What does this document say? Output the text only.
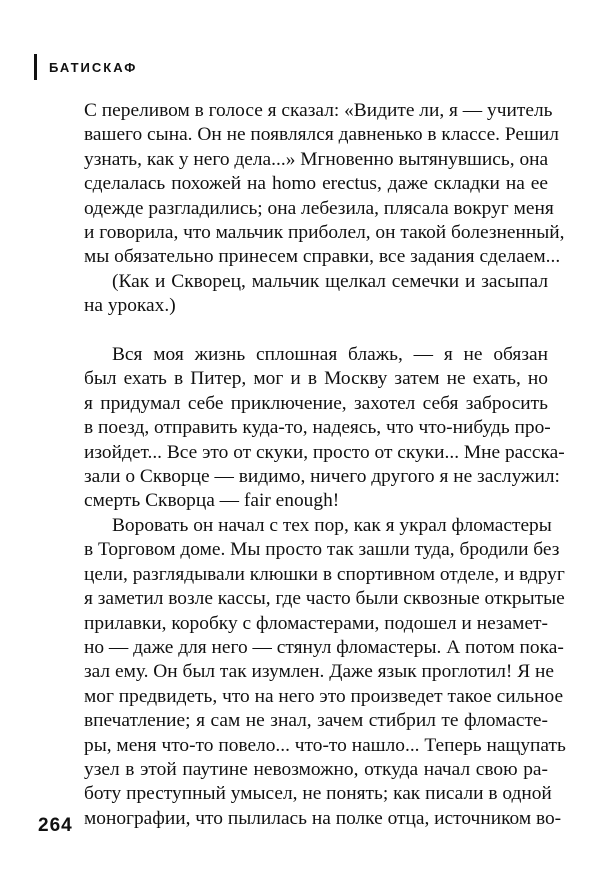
БАТИСКАФ
С переливом в голосе я сказал: «Видите ли, я — учитель
вашего сына. Он не появлялся давненько в классе. Решил
узнать, как у него дела...» Мгновенно вытянувшись, она
сделалась похожей на homo erectus, даже складки на ее
одежде разгладились; она лебезила, плясала вокруг меня
и говорила, что мальчик приболел, он такой болезненный,
мы обязательно принесем справки, все задания сделаем...
(Как и Скворец, мальчик щелкал семечки и засыпал
на уроках.)
Вся моя жизнь сплошная блажь, — я не обязан
был ехать в Питер, мог и в Москву затем не ехать, но
я придумал себе приключение, захотел себя забросить
в поезд, отправить куда-то, надеясь, что что-нибудь про-
изойдет... Все это от скуки, просто от скуки... Мне расска-
зали о Скворце — видимо, ничего другого я не заслужил:
смерть Скворца — fair enough!
Воровать он начал с тех пор, как я украл фломастеры
в Торговом доме. Мы просто так зашли туда, бродили без
цели, разглядывали клюшки в спортивном отделе, и вдруг
я заметил возле кассы, где часто были сквозные открытые
прилавки, коробку с фломастерами, подошел и незамет-
но — даже для него — стянул фломастеры. А потом пока-
зал ему. Он был так изумлен. Даже язык проглотил! Я не
мог предвидеть, что на него это произведет такое сильное
впечатление; я сам не знал, зачем стибрил те фломасте-
ры, меня что-то повело... что-то нашло... Теперь нащупать
узел в этой паутине невозможно, откуда начал свою ра-
боту преступный умысел, не понять; как писали в одной
монографии, что пылилась на полке отца, источником во-
264
